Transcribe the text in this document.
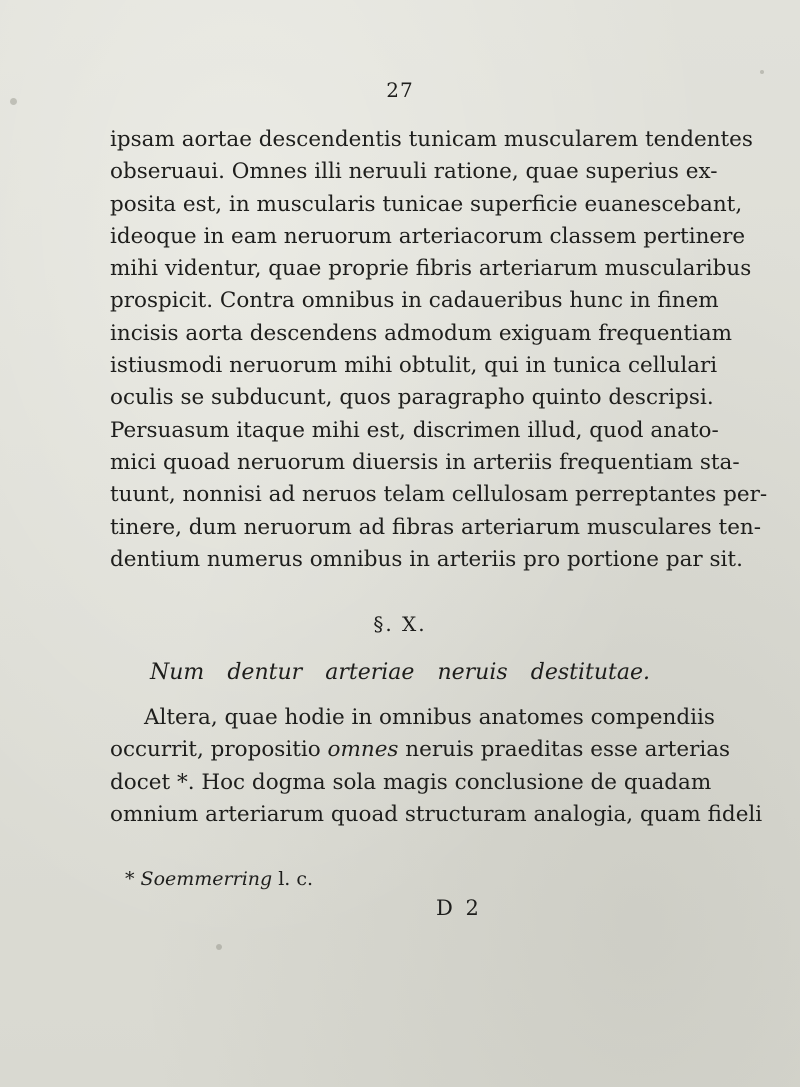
27
ipsam aortae descendentis tunicam muscularem tendentes
obseruaui. Omnes illi neruuli ratione, quae superius ex-
posita est, in muscularis tunicae superficie euanescebant,
ideoque in eam neruorum arteriacorum classem pertinere
mihi videntur, quae proprie fibris arteriarum muscularibus
prospicit. Contra omnibus in cadaueribus hunc in finem
incisis aorta descendens admodum exiguam frequentiam
istiusmodi neruorum mihi obtulit, qui in tunica cellulari
oculis se subducunt, quos paragrapho quinto descripsi.
Persuasum itaque mihi est, discrimen illud, quod anato-
mici quoad neruorum diuersis in arteriis frequentiam sta-
tuunt, nonnisi ad neruos telam cellulosam perreptantes per-
tinere, dum neruorum ad fibras arteriarum musculares ten-
dentium numerus omnibus in arteriis pro portione par sit.
§. X.
Num dentur arteriae neruis destitutae.
Altera, quae hodie in omnibus anatomes compendiis
occurrit, propositio omnes neruis praeditas esse arterias
docet *. Hoc dogma sola magis conclusione de quadam
omnium arteriarum quoad structuram analogia, quam fideli
* Soemmerring l. c.
D 2
